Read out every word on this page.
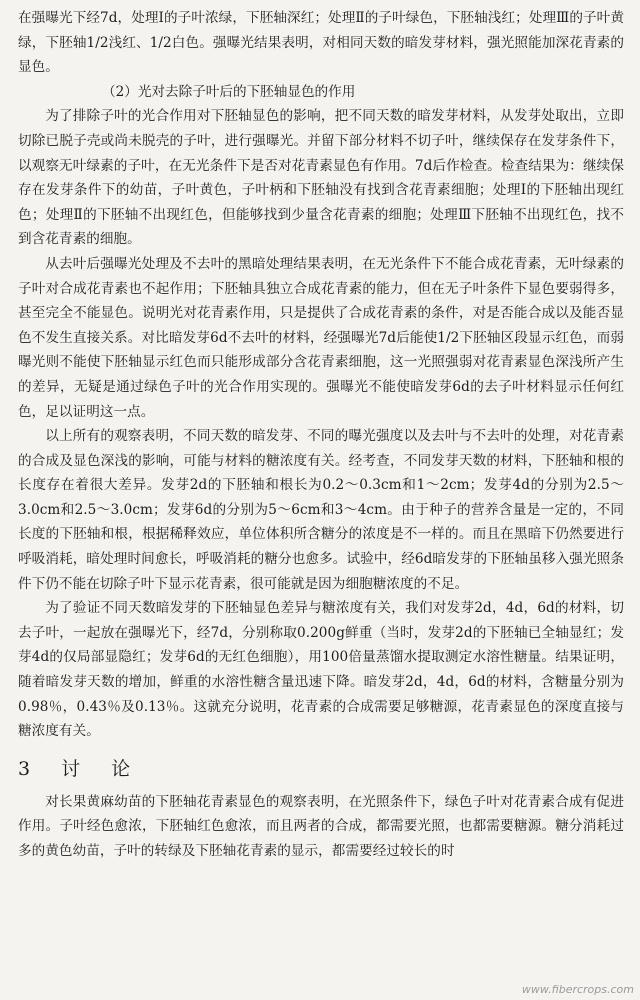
在强曝光下经7d，处理Ⅰ的子叶浓绿，下胚轴深红；处理Ⅱ的子叶绿色，下胚轴浅红；处理Ⅲ的子叶黄绿，下胚轴1/2浅红、1/2白色。强曝光结果表明，对相同天数的暗发芽材料，强光照能加深花青素的显色。

（2）光对去除子叶后的下胚轴显色的作用

为了排除子叶的光合作用对下胚轴显色的影响，把不同天数的暗发芽材料，从发芽处取出，立即切除已脱子壳或尚未脱壳的子叶，进行强曝光。并留下部分材料不切子叶，继续保存在发芽条件下，以观察无叶绿素的子叶，在无光条件下是否对花青素显色有作用。7d后作检查。检查结果为：继续保存在发芽条件下的幼苗，子叶黄色，子叶柄和下胚轴没有找到含花青素细胞；处理Ⅰ的下胚轴出现红色；处理Ⅱ的下胚轴不出现红色，但能够找到少量含花青素的细胞；处理Ⅲ下胚轴不出现红色，找不到含花青素的细胞。

从去叶后强曝光处理及不去叶的黑暗处理结果表明，在无光条件下不能合成花青素，无叶绿素的子叶对合成花青素也不起作用；下胚轴具独立合成花青素的能力，但在无子叶条件下显色要弱得多，甚至完全不能显色。说明光对花青素作用，只是提供了合成花青素的条件，对是否能合成以及能否显色不发生直接关系。对比暗发芽6d不去叶的材料，经强曝光7d后能使1/2下胚轴区段显示红色，而弱曝光则不能使下胚轴显示红色而只能形成部分含花青素细胞，这一光照强弱对花青素显色深浅所产生的差异，无疑是通过绿色子叶的光合作用实现的。强曝光不能使暗发芽6d的去子叶材料显示任何红色，足以证明这一点。

以上所有的观察表明，不同天数的暗发芽、不同的曝光强度以及去叶与不去叶的处理，对花青素的合成及显色深浅的影响，可能与材料的糖浓度有关。经考查，不同发芽天数的材料，下胚轴和根的长度存在着很大差异。发芽2d的下胚轴和根长为0.2～0.3cm和1～2cm；发芽4d的分别为2.5～3.0cm和2.5～3.0cm；发芽6d的分别为5～6cm和3～4cm。由于种子的营养含量是一定的，不同长度的下胚轴和根，根据稀释效应，单位体积所含糖分的浓度是不一样的。而且在黑暗下仍然要进行呼吸消耗，暗处理时间愈长，呼吸消耗的糖分也愈多。试验中，经6d暗发芽的下胚轴虽移入强光照条件下仍不能在切除子叶下显示花青素，很可能就是因为细胞糖浓度的不足。

为了验证不同天数暗发芽的下胚轴显色差异与糖浓度有关，我们对发芽2d，4d，6d的材料，切去子叶，一起放在强曝光下，经7d，分别称取0.200g鲜重（当时，发芽2d的下胚轴已全轴显红；发芽4d的仅局部显隐红；发芽6d的无红色细胞），用100倍量蒸馏水提取测定水溶性糖量。结果证明，随着暗发芽天数的增加，鲜重的水溶性糖含量迅速下降。暗发芽2d，4d，6d的材料，含糖量分别为0.98％，0.43％及0.13％。这就充分说明，花青素的合成需要足够糖源，花青素显色的深度直接与糖浓度有关。

3　讨　论

对长果黄麻幼苗的下胚轴花青素显色的观察表明，在光照条件下，绿色子叶对花青素合成有促进作用。子叶经色愈浓，下胚轴红色愈浓，而且两者的合成，都需要光照，也都需要糖源。糖分消耗过多的黄色幼苗，子叶的转绿及下胚轴花青素的显示，都需要经过较长的时

www.fibercrops.com
